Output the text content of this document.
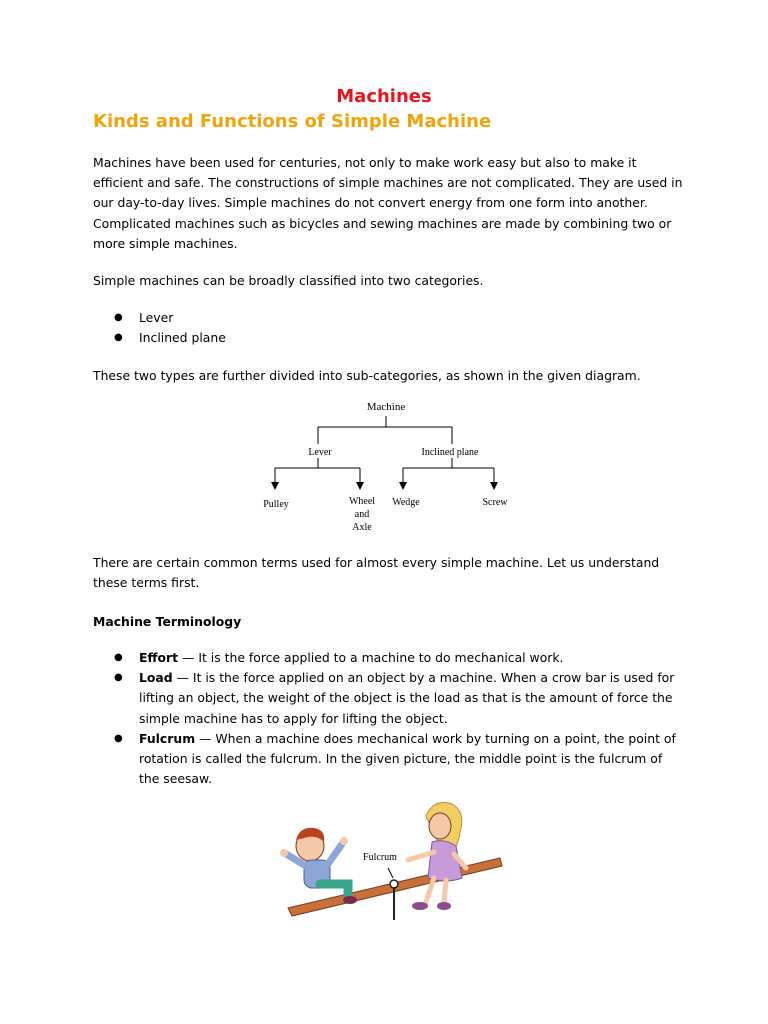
Machines
Kinds and Functions of Simple Machine
Machines have been used for centuries, not only to make work easy but also to make it efficient and safe. The constructions of simple machines are not complicated. They are used in our day-to-day lives. Simple machines do not convert energy from one form into another. Complicated machines such as bicycles and sewing machines are made by combining two or more simple machines.
Simple machines can be broadly classified into two categories.
● Lever
● Inclined plane
These two types are further divided into sub-categories, as shown in the given diagram.
Machine
Lever	Inclined plane
Pulley	Wheel
and
Axle
Wedge	Screw
There are certain common terms used for almost every simple machine. Let us understand these terms first.
Machine Terminology
● Effort — It is the force applied to a machine to do mechanical work.
● Load — It is the force applied on an object by a machine. When a crow bar is used for lifting an object, the weight of the object is the load as that is the amount of force the simple machine has to apply for lifting the object.
● Fulcrum — When a machine does mechanical work by turning on a point, the point of rotation is called the fulcrum. In the given picture, the middle point is the fulcrum of the seesaw.
Fulcrum
